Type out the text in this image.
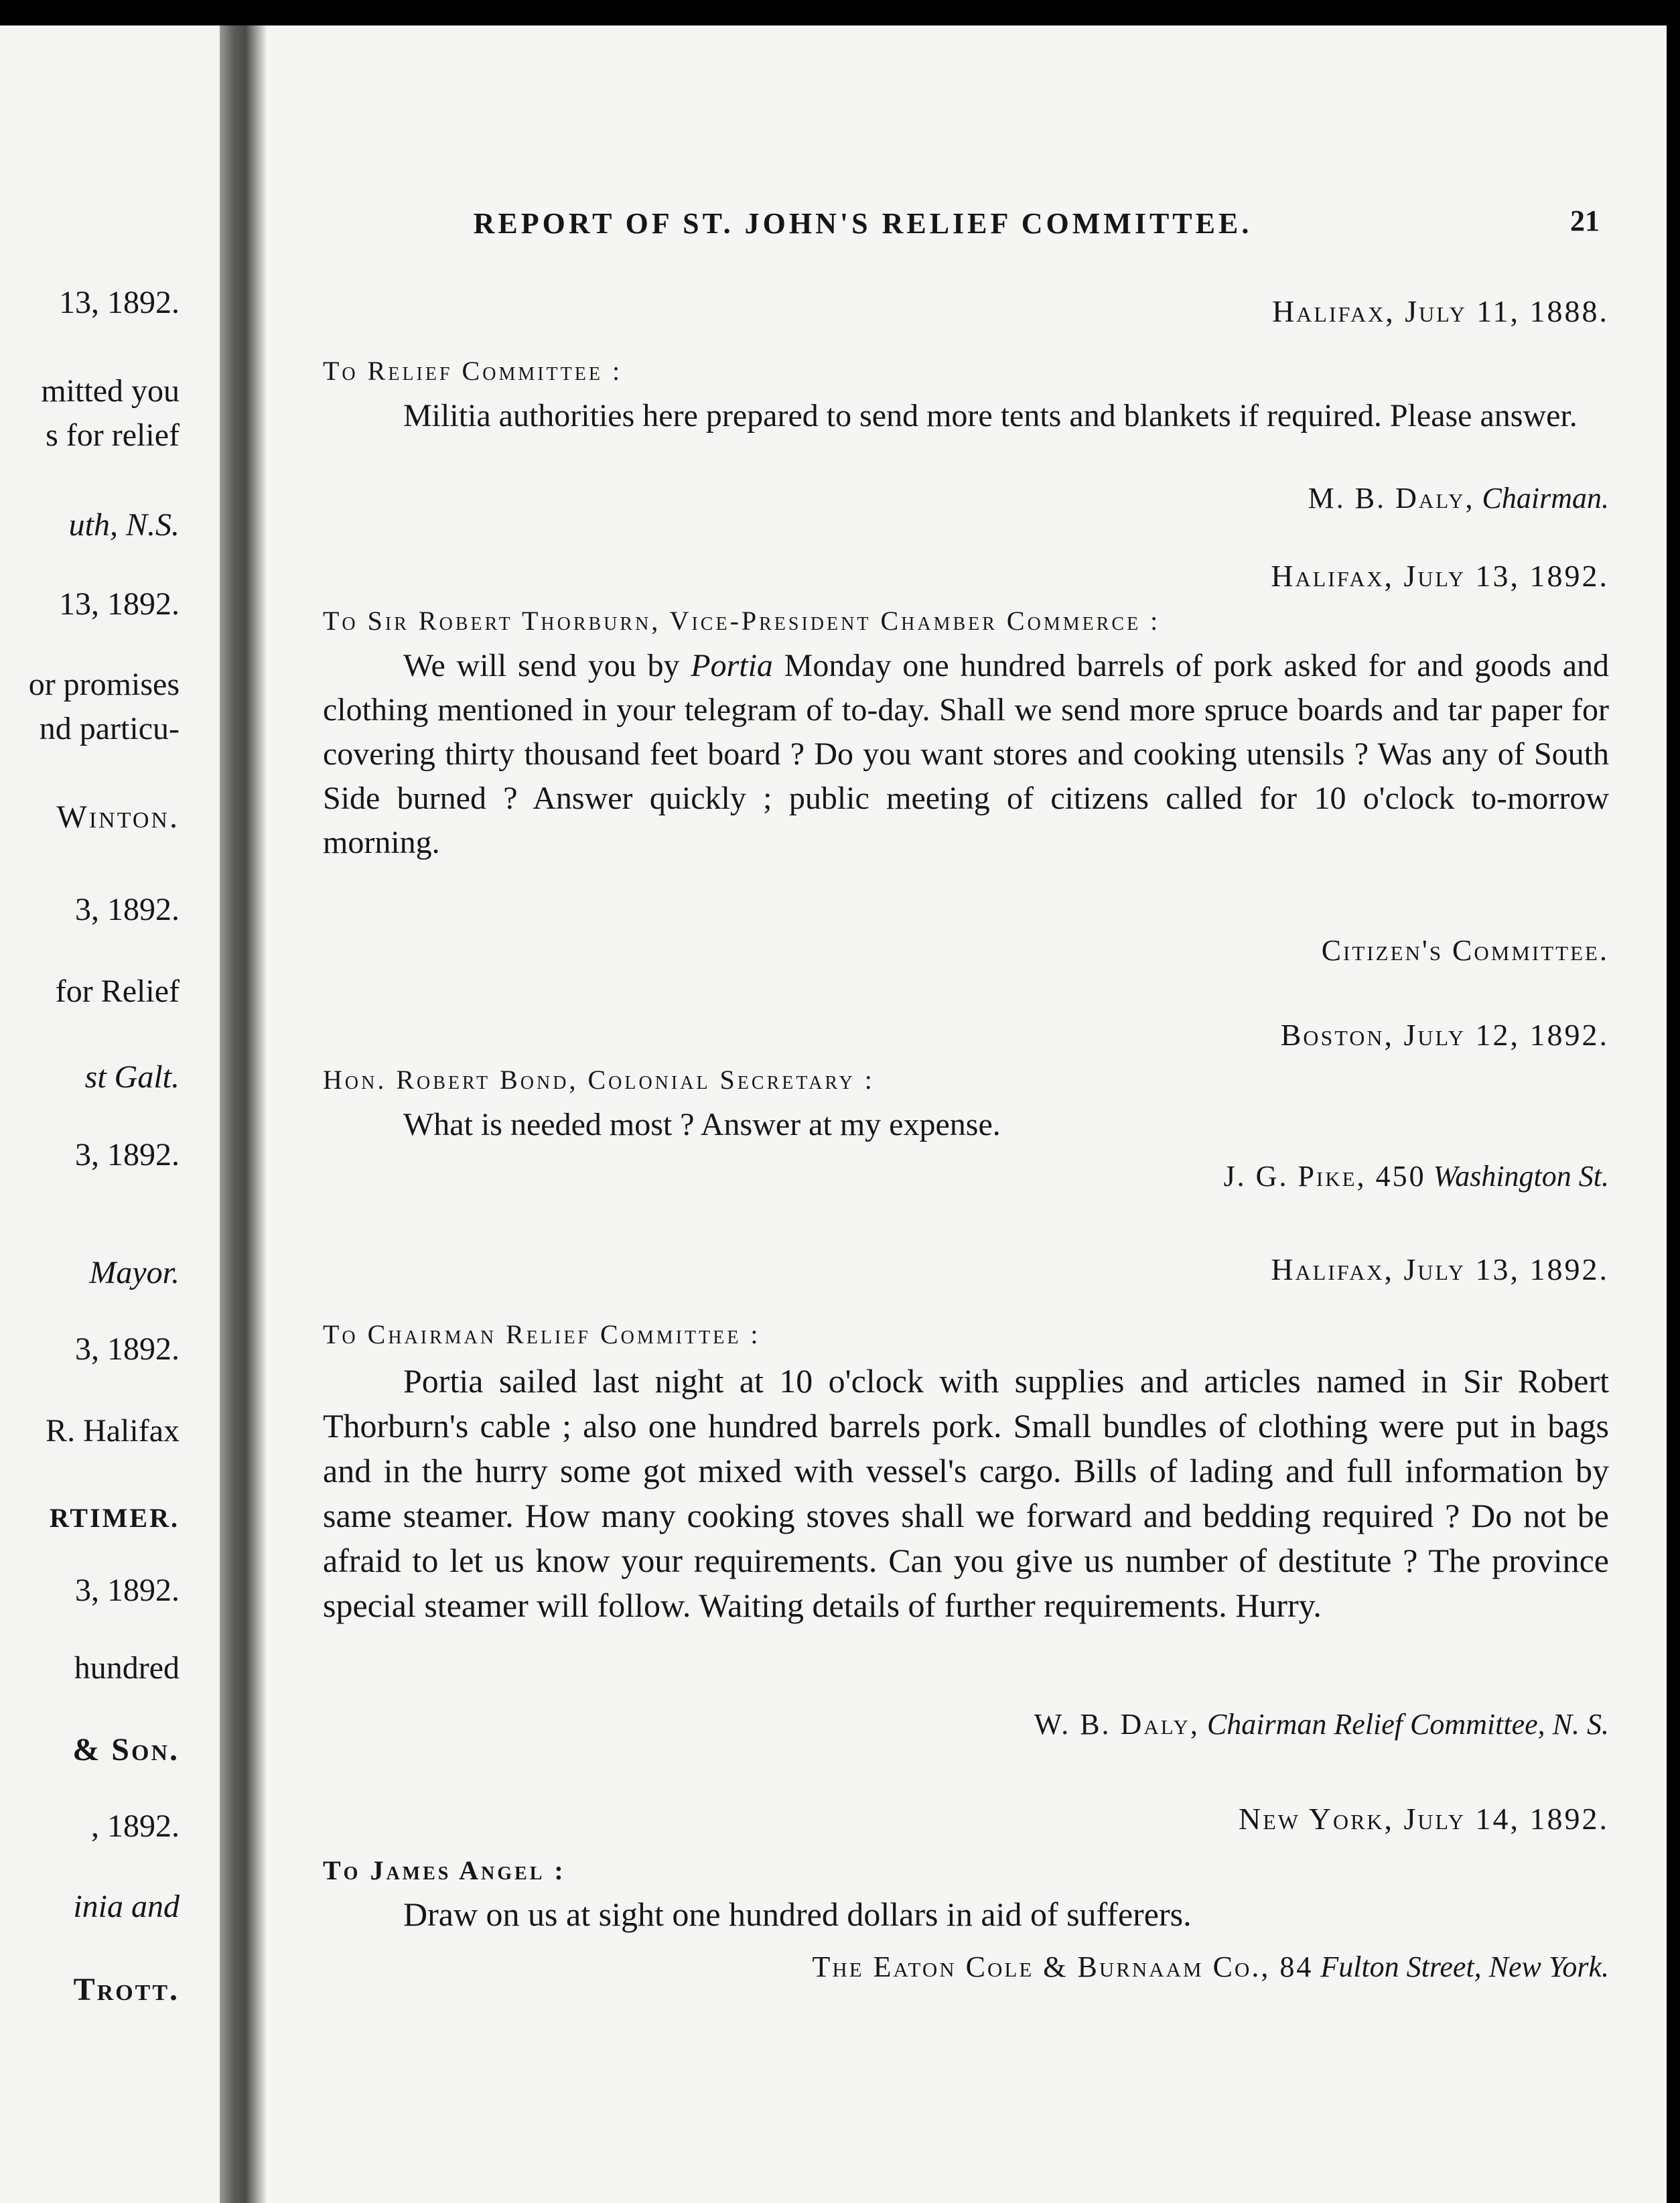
13, 1892.
mitted you
s for relief
uth, N.S.
13, 1892.
or promises
nd particu-
Winton.
3, 1892.
for Relief
st Galt.
3, 1892.
Mayor.
3, 1892.
R. Halifax
RTIMER.
3, 1892.
hundred
& Son.
, 1892.
inia and
Trott.
REPORT OF ST. JOHN'S RELIEF COMMITTEE.	21
Halifax, July 11, 1888.
To Relief Committee :
Militia authorities here prepared to send more tents and blankets if required. Please answer.
M. B. Daly, Chairman.
Halifax, July 13, 1892.
To Sir Robert Thorburn, Vice-President Chamber Commerce :
We will send you by Portia Monday one hundred barrels of pork asked for and goods and clothing mentioned in your telegram of to-day. Shall we send more spruce boards and tar paper for covering thirty thousand feet board ? Do you want stores and cooking utensils ? Was any of South Side burned ? Answer quickly ; public meeting of citizens called for 10 o'clock to-morrow morning.
Citizen's Committee.
Boston, July 12, 1892.
Hon. Robert Bond, Colonial Secretary :
What is needed most ? Answer at my expense.
J. G. Pike, 450 Washington St.
Halifax, July 13, 1892.
To Chairman Relief Committee :
Portia sailed last night at 10 o'clock with supplies and articles named in Sir Robert Thorburn's cable ; also one hundred barrels pork. Small bundles of clothing were put in bags and in the hurry some got mixed with vessel's cargo. Bills of lading and full information by same steamer. How many cooking stoves shall we forward and bedding required ? Do not be afraid to let us know your requirements. Can you give us number of destitute ? The province special steamer will follow. Waiting details of further requirements. Hurry.
W. B. Daly, Chairman Relief Committee, N. S.
New York, July 14, 1892.
To James Angel :
Draw on us at sight one hundred dollars in aid of sufferers.
The Eaton Cole & Burnaam Co., 84 Fulton Street, New York.
